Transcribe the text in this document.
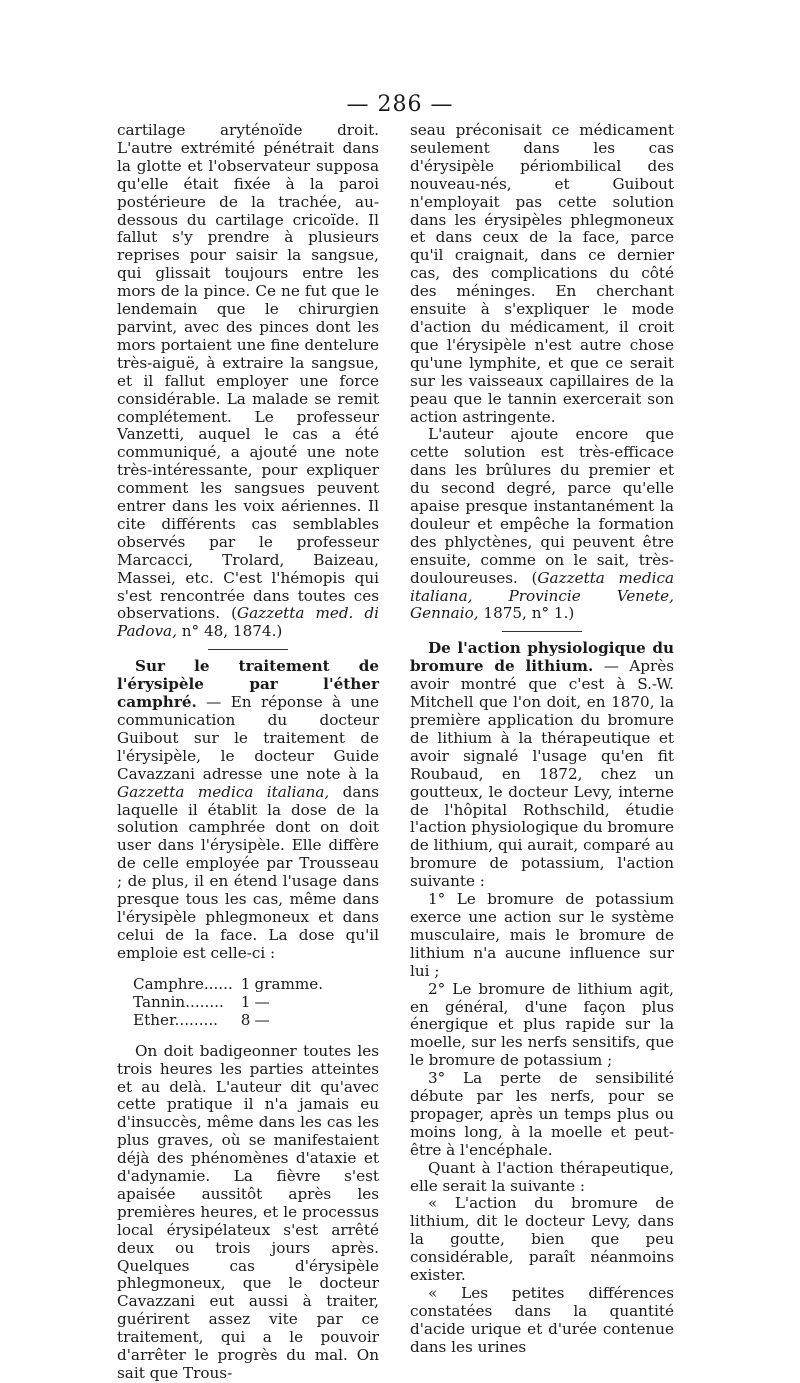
— 286 —

cartilage aryténoïde droit. L'autre extrémité pénétrait dans la glotte et l'observateur supposa qu'elle était fixée à la paroi postérieure de la trachée, au-dessous du cartilage cricoïde. Il fallut s'y prendre à plusieurs reprises pour saisir la sangsue, qui glissait toujours entre les mors de la pince. Ce ne fut que le lendemain que le chirurgien parvint, avec des pinces dont les mors portaient une fine dentelure très-aiguë, à extraire la sangsue, et il fallut employer une force considérable. La malade se remit complétement. Le professeur Vanzetti, auquel le cas a été communiqué, a ajouté une note très-intéressante, pour expliquer comment les sangsues peuvent entrer dans les voix aériennes. Il cite différents cas semblables observés par le professeur Marcacci, Trolard, Baizeau, Massei, etc. C'est l'hémopis qui s'est rencontrée dans toutes ces observations. (Gazzetta med. di Padova, n° 48, 1874.)

Sur le traitement de l'érysipèle par l'éther camphré. — En réponse à une communication du docteur Guibout sur le traitement de l'érysipèle, le docteur Guide Cavazzani adresse une note à la Gazzetta medica italiana, dans laquelle il établit la dose de la solution camphrée dont on doit user dans l'érysipèle. Elle diffère de celle employée par Trousseau ; de plus, il en étend l'usage dans presque tous les cas, même dans l'érysipèle phlegmoneux et dans celui de la face. La dose qu'il emploie est celle-ci :

Camphre......	1	gramme.
Tannin........	1	—
Ether.........	8	—

On doit badigeonner toutes les trois heures les parties atteintes et au delà. L'auteur dit qu'avec cette pratique il n'a jamais eu d'insuccès, même dans les cas les plus graves, où se manifestaient déjà des phénomènes d'ataxie et d'adynamie. La fièvre s'est apaisée aussitôt après les premières heures, et le processus local érysipélateux s'est arrêté deux ou trois jours après. Quelques cas d'érysipèle phlegmoneux, que le docteur Cavazzani eut aussi à traiter, guérirent assez vite par ce traitement, qui a le pouvoir d'arrêter le progrès du mal. On sait que Trous-

seau préconisait ce médicament seulement dans les cas d'érysipèle périombilical des nouveau-nés, et Guibout n'employait pas cette solution dans les érysipèles phlegmoneux et dans ceux de la face, parce qu'il craignait, dans ce dernier cas, des complications du côté des méninges. En cherchant ensuite à s'expliquer le mode d'action du médicament, il croit que l'érysipèle n'est autre chose qu'une lymphite, et que ce serait sur les vaisseaux capillaires de la peau que le tannin exercerait son action astringente.

L'auteur ajoute encore que cette solution est très-efficace dans les brûlures du premier et du second degré, parce qu'elle apaise presque instantanément la douleur et empêche la formation des phlyctènes, qui peuvent être ensuite, comme on le sait, très-douloureuses. (Gazzetta medica italiana, Provincie Venete, Gennaio, 1875, n° 1.)

De l'action physiologique du bromure de lithium. — Après avoir montré que c'est à S.-W. Mitchell que l'on doit, en 1870, la première application du bromure de lithium à la thérapeutique et avoir signalé l'usage qu'en fit Roubaud, en 1872, chez un goutteux, le docteur Levy, interne de l'hôpital Rothschild, étudie l'action physiologique du bromure de lithium, qui aurait, comparé au bromure de potassium, l'action suivante :

1° Le bromure de potassium exerce une action sur le système musculaire, mais le bromure de lithium n'a aucune influence sur lui ;

2° Le bromure de lithium agit, en général, d'une façon plus énergique et plus rapide sur la moelle, sur les nerfs sensitifs, que le bromure de potassium ;

3° La perte de sensibilité débute par les nerfs, pour se propager, après un temps plus ou moins long, à la moelle et peut-être à l'encéphale.

Quant à l'action thérapeutique, elle serait la suivante :

« L'action du bromure de lithium, dit le docteur Levy, dans la goutte, bien que peu considérable, paraît néanmoins exister.

« Les petites différences constatées dans la quantité d'acide urique et d'urée contenue dans les urines
